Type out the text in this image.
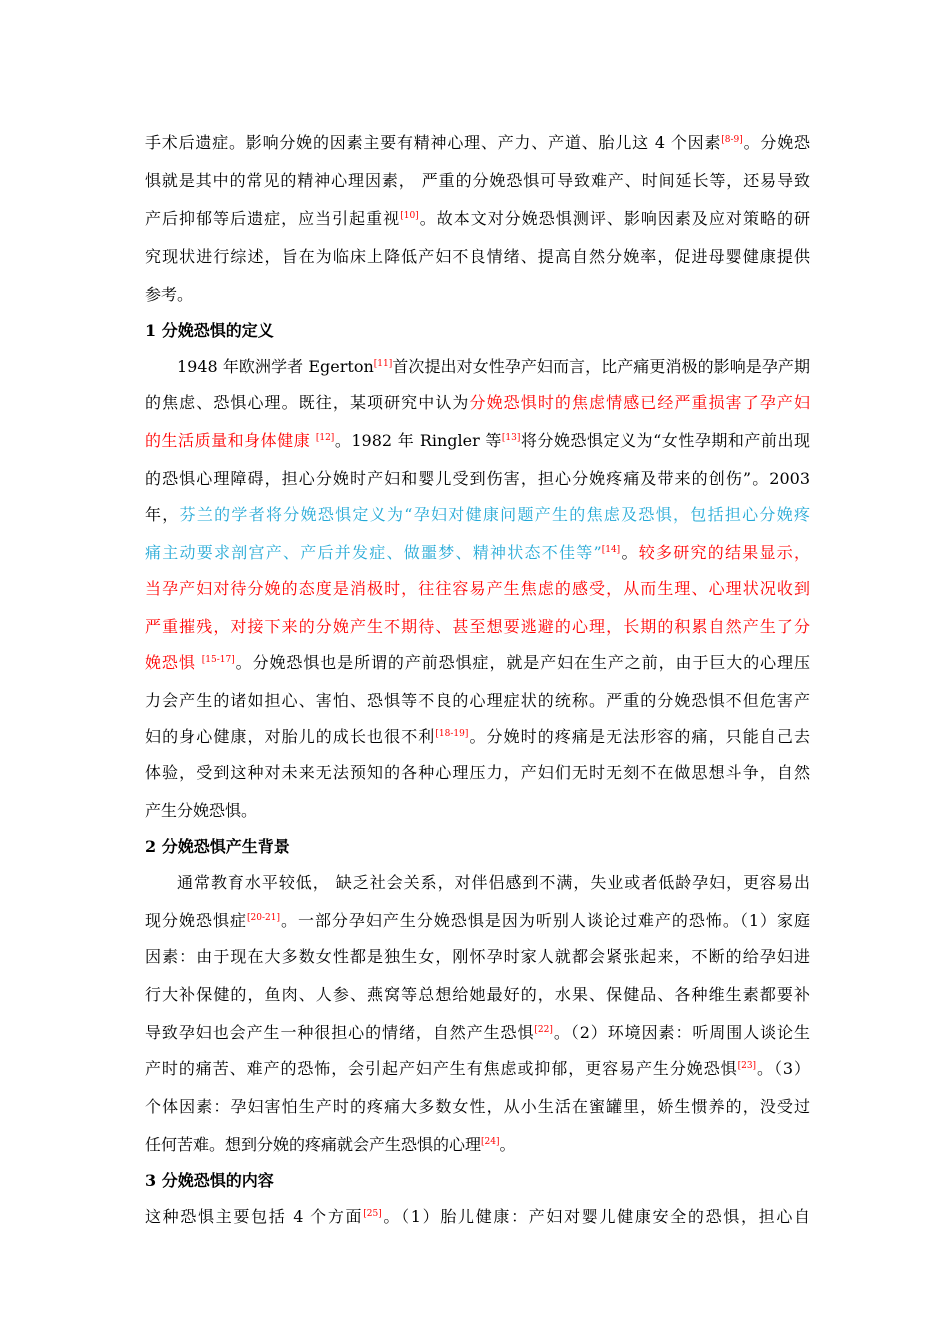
手术后遗症。影响分娩的因素主要有精神心理、产力、产道、胎儿这 4 个因素[8-9]。分娩恐
惧就是其中的常见的精神心理因素， 严重的分娩恐惧可导致难产、时间延长等，还易导致
产后抑郁等后遗症，应当引起重视[10]。故本文对分娩恐惧测评、影响因素及应对策略的研
究现状进行综述，旨在为临床上降低产妇不良情绪、提高自然分娩率，促进母婴健康提供
参考。
1 分娩恐惧的定义
1948 年欧洲学者 Egerton[11]首次提出对女性孕产妇而言，比产痛更消极的影响是孕产期
的焦虑、恐惧心理。既往，某项研究中认为分娩恐惧时的焦虑情感已经严重损害了孕产妇
的生活质量和身体健康 [12]。1982 年 Ringler 等[13]将分娩恐惧定义为“女性孕期和产前出现
的恐惧心理障碍，担心分娩时产妇和婴儿受到伤害，担心分娩疼痛及带来的创伤”。2003
年，芬兰的学者将分娩恐惧定义为“孕妇对健康问题产生的焦虑及恐惧，包括担心分娩疼
痛主动要求剖宫产、产后并发症、做噩梦、精神状态不佳等”[14]。较多研究的结果显示，
当孕产妇对待分娩的态度是消极时，往往容易产生焦虑的感受，从而生理、心理状况收到
严重摧残，对接下来的分娩产生不期待、甚至想要逃避的心理，长期的积累自然产生了分
娩恐惧 [15-17]。分娩恐惧也是所谓的产前恐惧症，就是产妇在生产之前，由于巨大的心理压
力会产生的诸如担心、害怕、恐惧等不良的心理症状的统称。严重的分娩恐惧不但危害产
妇的身心健康，对胎儿的成长也很不利[18-19]。分娩时的疼痛是无法形容的痛，只能自己去
体验，受到这种对未来无法预知的各种心理压力，产妇们无时无刻不在做思想斗争，自然
产生分娩恐惧。
2 分娩恐惧产生背景
通常教育水平较低， 缺乏社会关系，对伴侣感到不满，失业或者低龄孕妇，更容易出
现分娩恐惧症[20-21]。一部分孕妇产生分娩恐惧是因为听别人谈论过难产的恐怖。（1）家庭
因素：由于现在大多数女性都是独生女，刚怀孕时家人就都会紧张起来，不断的给孕妇进
行大补保健的，鱼肉、人参、燕窝等总想给她最好的，水果、保健品、各种维生素都要补
导致孕妇也会产生一种很担心的情绪，自然产生恐惧[22]。（2）环境因素：听周围人谈论生
产时的痛苦、难产的恐怖，会引起产妇产生有焦虑或抑郁，更容易产生分娩恐惧[23]。（3）
个体因素：孕妇害怕生产时的疼痛大多数女性，从小生活在蜜罐里，娇生惯养的，没受过
任何苦难。想到分娩的疼痛就会产生恐惧的心理[24]。
3 分娩恐惧的内容
这种恐惧主要包括 4 个方面[25]。（1）胎儿健康：产妇对婴儿健康安全的恐惧，担心自
